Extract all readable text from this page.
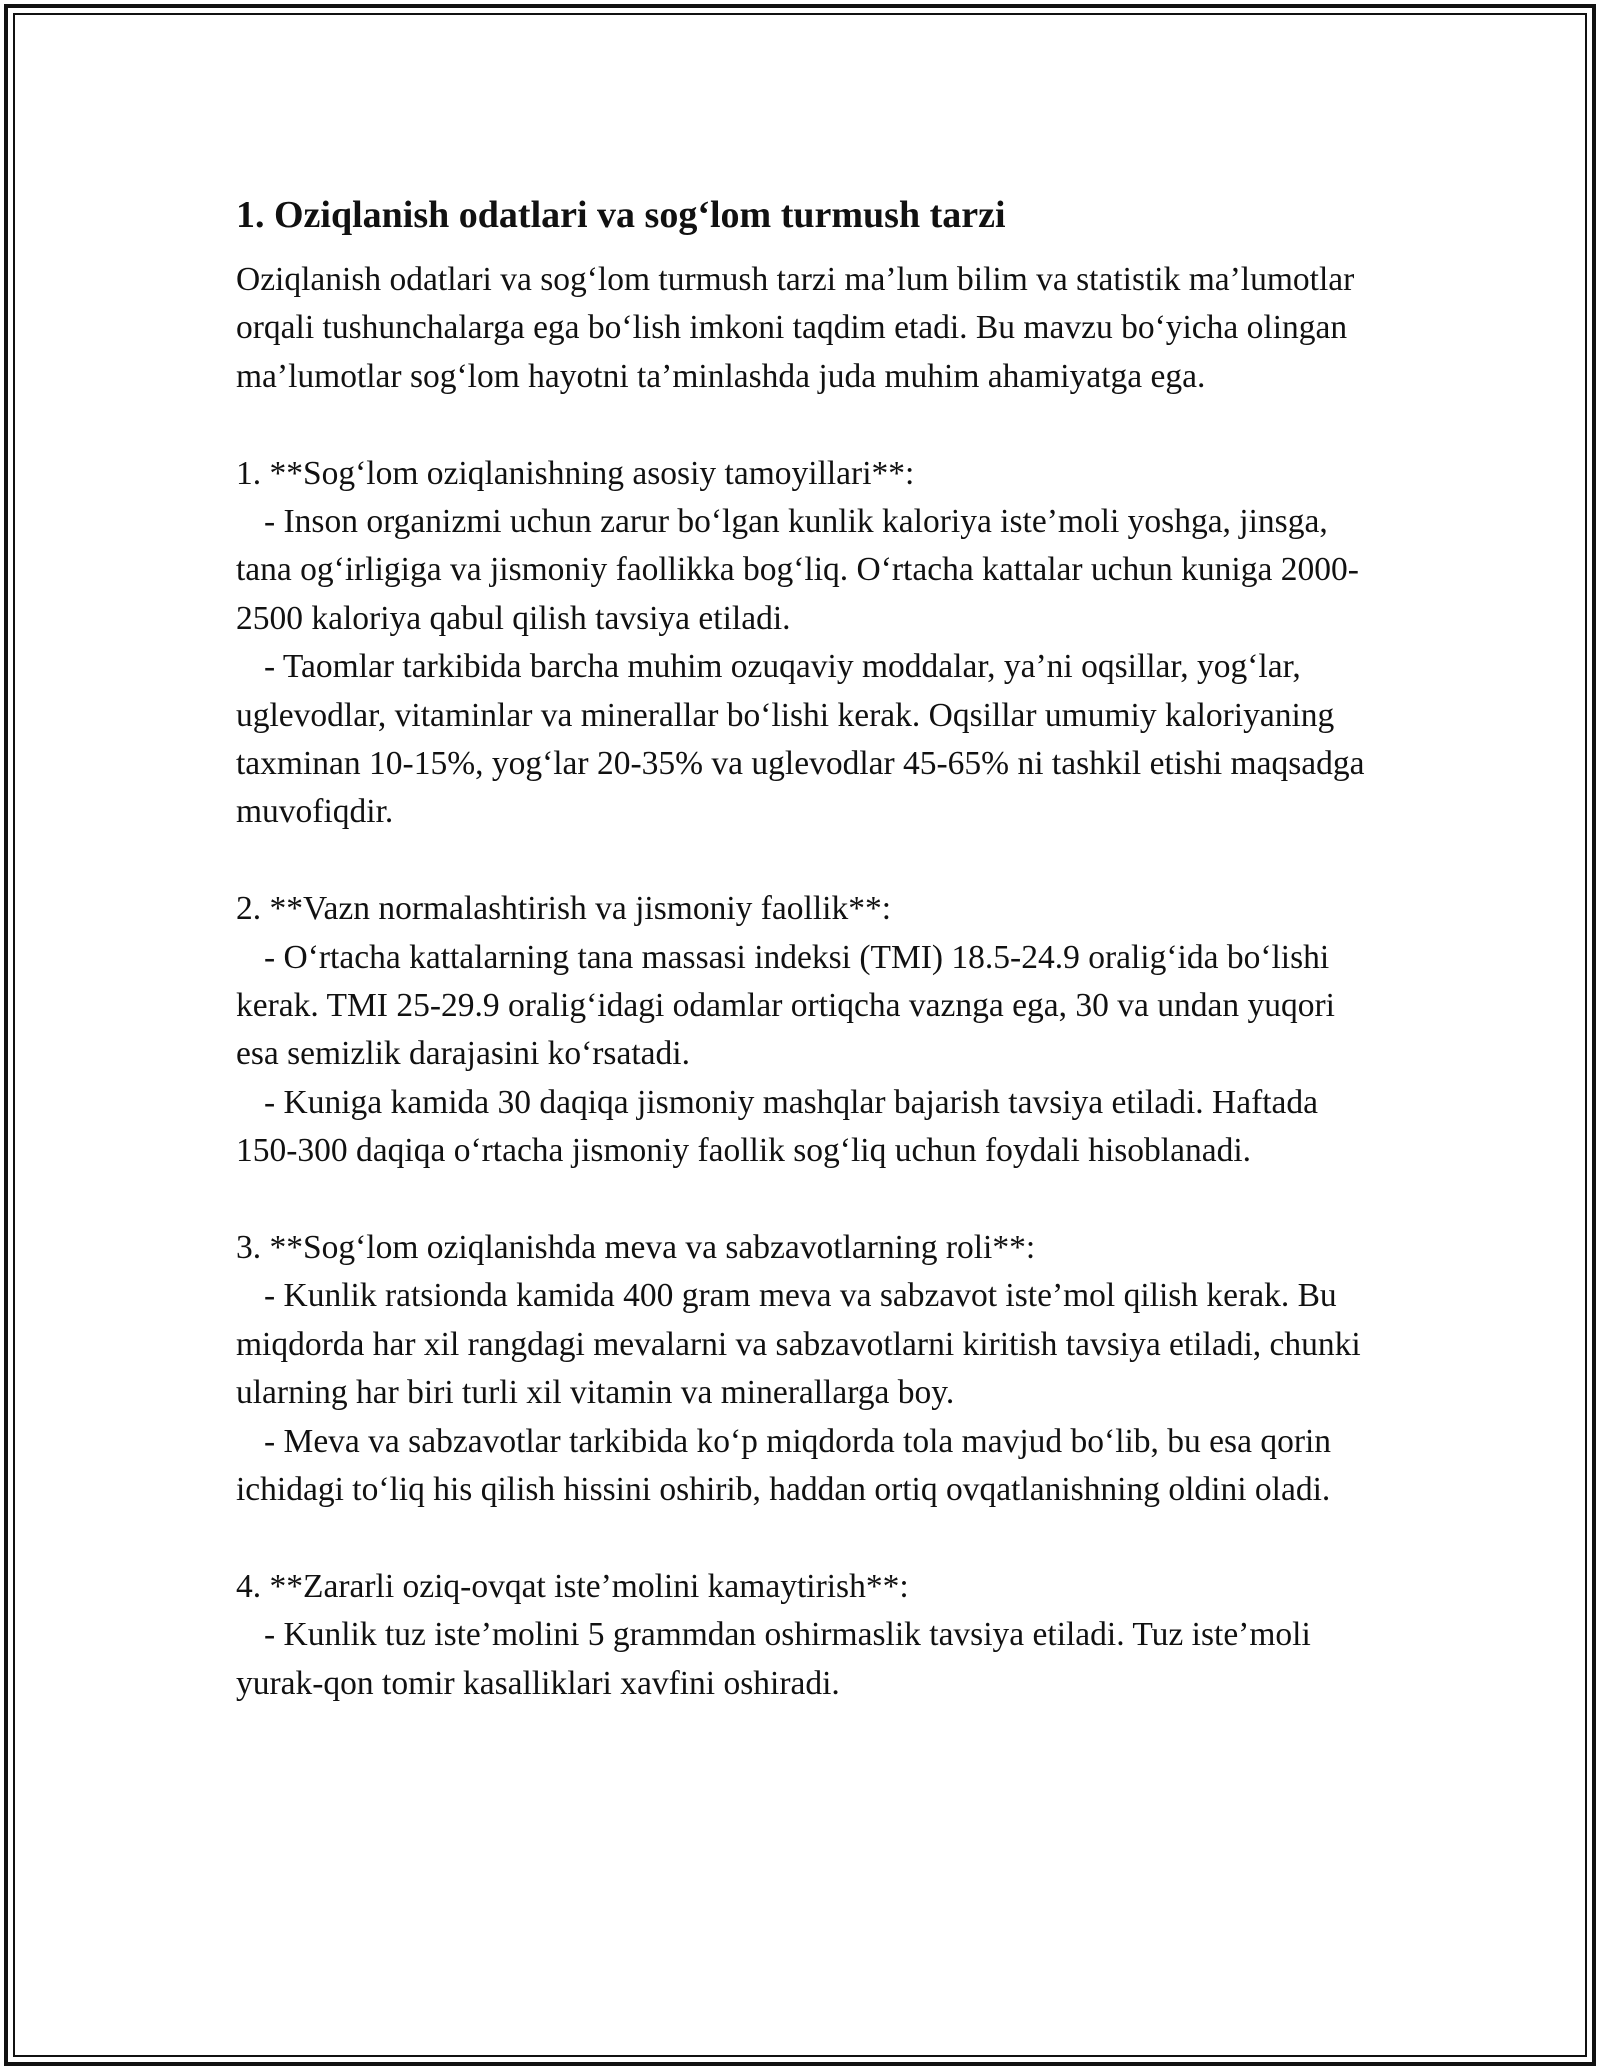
1. Oziqlanish odatlari va sog‘lom turmush tarzi

Oziqlanish odatlari va sog‘lom turmush tarzi ma’lum bilim va statistik ma’lumotlar orqali tushunchalarga ega bo‘lish imkoni taqdim etadi. Bu mavzu bo‘yicha olingan ma’lumotlar sog‘lom hayotni ta’minlashda juda muhim ahamiyatga ega.

1. **Sog‘lom oziqlanishning asosiy tamoyillari**:

- Inson organizmi uchun zarur bo‘lgan kunlik kaloriya iste’moli yoshga, jinsga, tana og‘irligiga va jismoniy faollikka bog‘liq. O‘rtacha kattalar uchun kuniga 2000-2500 kaloriya qabul qilish tavsiya etiladi.

- Taomlar tarkibida barcha muhim ozuqaviy moddalar, ya’ni oqsillar, yog‘lar, uglevodlar, vitaminlar va minerallar bo‘lishi kerak. Oqsillar umumiy kaloriyaning taxminan 10-15%, yog‘lar 20-35% va uglevodlar 45-65% ni tashkil etishi maqsadga muvofiqdir.

2. **Vazn normalashtirish va jismoniy faollik**:

- O‘rtacha kattalarning tana massasi indeksi (TMI) 18.5-24.9 oralig‘ida bo‘lishi kerak. TMI 25-29.9 oralig‘idagi odamlar ortiqcha vaznga ega, 30 va undan yuqori esa semizlik darajasini ko‘rsatadi.

- Kuniga kamida 30 daqiqa jismoniy mashqlar bajarish tavsiya etiladi. Haftada 150-300 daqiqa o‘rtacha jismoniy faollik sog‘liq uchun foydali hisoblanadi.

3. **Sog‘lom oziqlanishda meva va sabzavotlarning roli**:

- Kunlik ratsionda kamida 400 gram meva va sabzavot iste’mol qilish kerak. Bu miqdorda har xil rangdagi mevalarni va sabzavotlarni kiritish tavsiya etiladi, chunki ularning har biri turli xil vitamin va minerallarga boy.

- Meva va sabzavotlar tarkibida ko‘p miqdorda tola mavjud bo‘lib, bu esa qorin ichidagi to‘liq his qilish hissini oshirib, haddan ortiq ovqatlanishning oldini oladi.

4. **Zararli oziq-ovqat iste’molini kamaytirish**:

- Kunlik tuz iste’molini 5 grammdan oshirmaslik tavsiya etiladi. Tuz iste’moli yurak-qon tomir kasalliklari xavfini oshiradi.
